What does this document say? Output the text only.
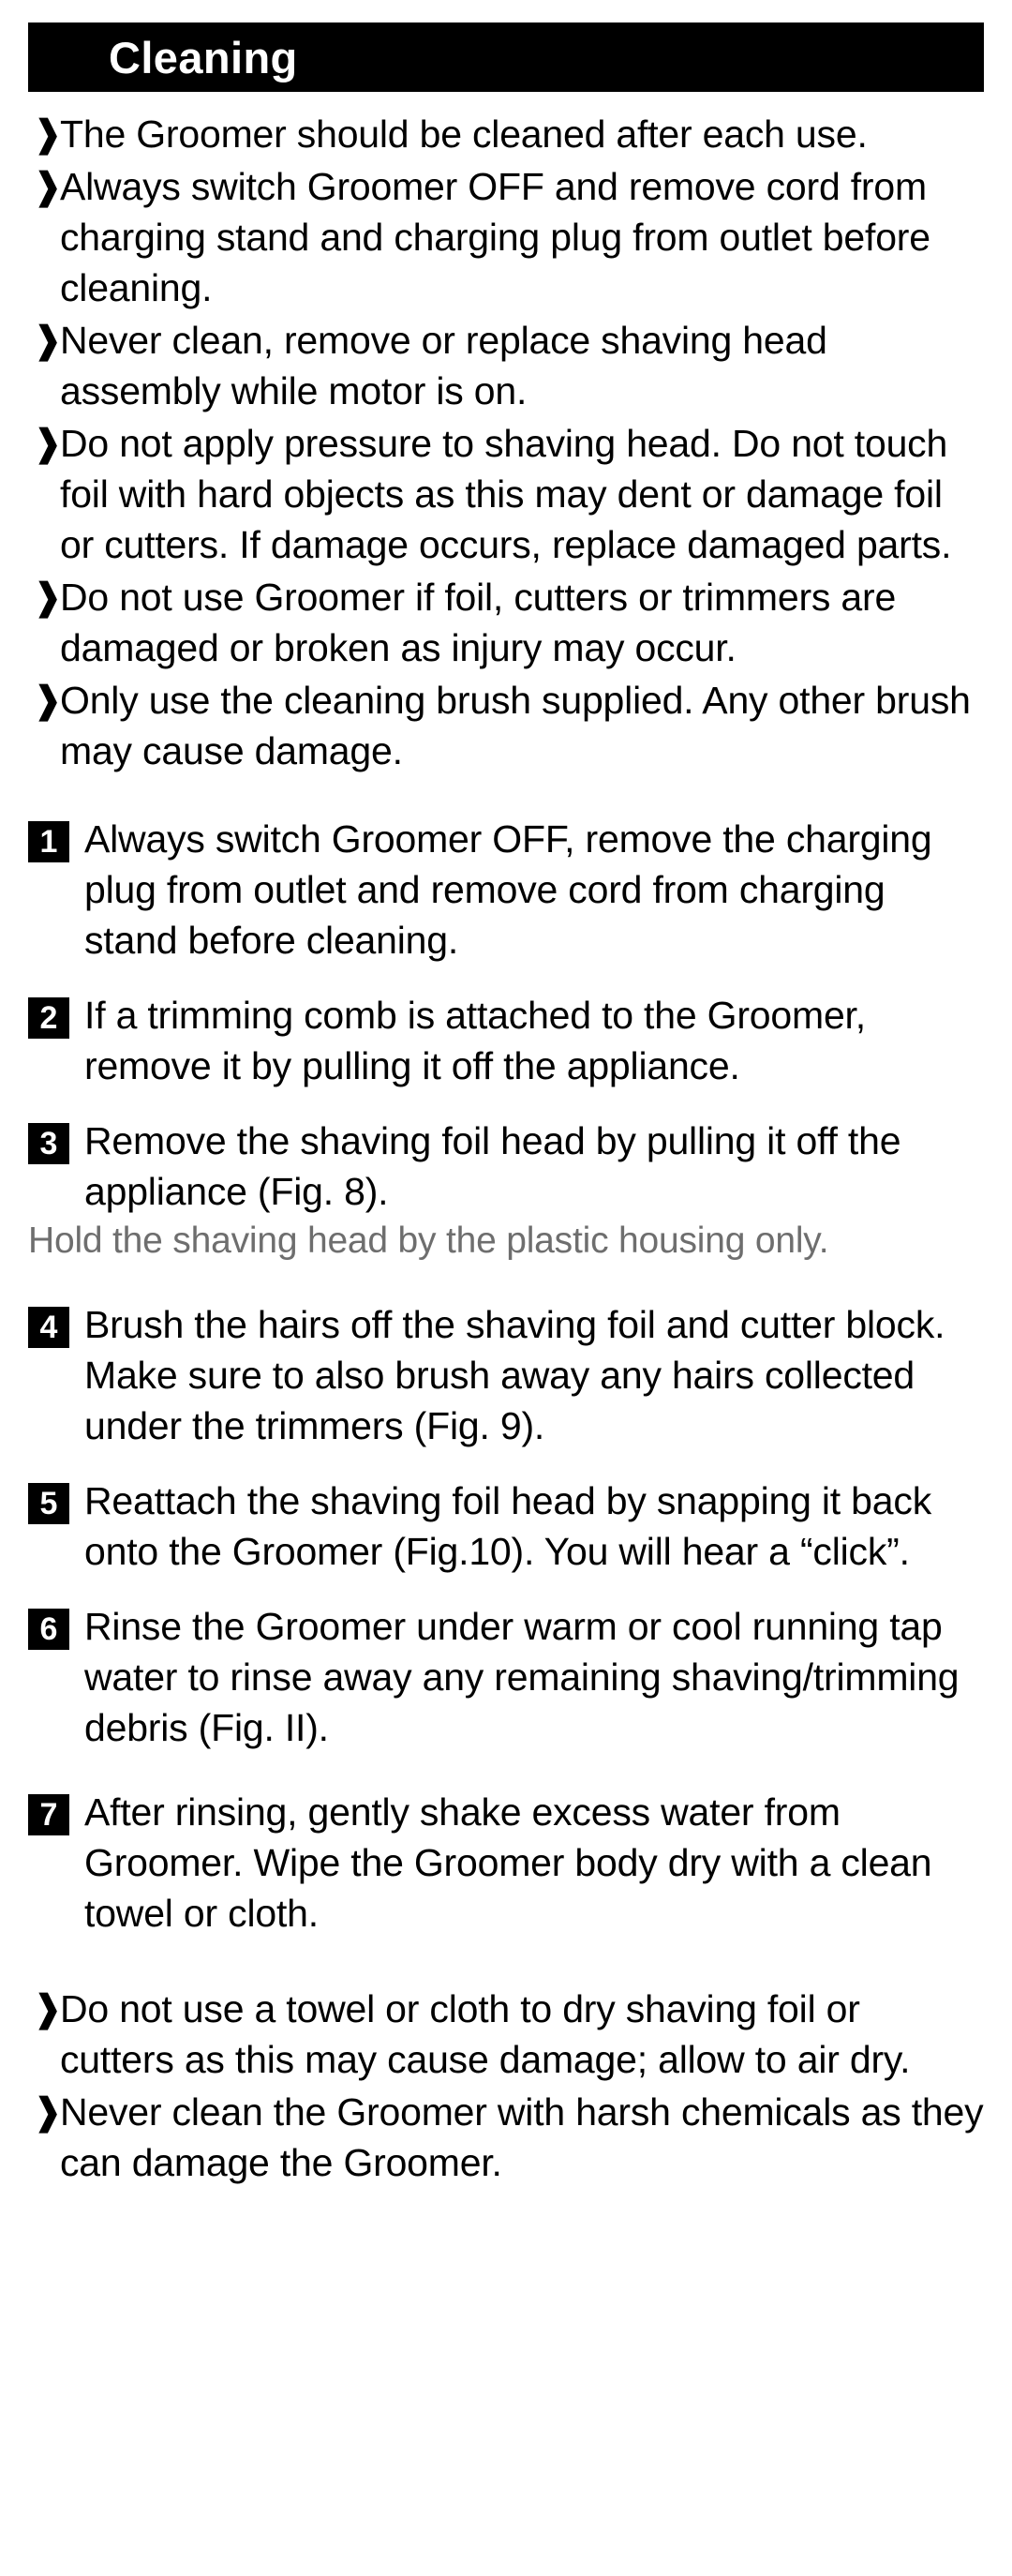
Cleaning
❱
The Groomer should be cleaned after each use.
❱
Always switch Groomer OFF and remove cord from charging stand and charging plug from outlet before cleaning.
❱
Never clean, remove or replace shaving head assembly while motor is on.
❱
Do not apply pressure to shaving head. Do not touch foil with hard objects as this may dent or damage foil or cutters. If damage occurs, replace damaged parts.
❱
Do not use Groomer if foil, cutters or trimmers are damaged or broken as injury may occur.
❱
Only use the cleaning brush supplied. Any other brush may cause damage.
1 Always switch Groomer OFF, remove the charging plug from outlet and remove cord from charging stand before cleaning.
2 If a trimming comb is attached to the Groomer, remove it by pulling it off the appliance.
3 Remove the shaving foil head by pulling it off the appliance (Fig. 8).
Hold the shaving head by the plastic housing only.
4 Brush the hairs off the shaving foil and cutter block. Make sure to also brush away any hairs collected under the trimmers (Fig. 9).
5 Reattach the shaving foil head by snapping it back onto the Groomer (Fig.10). You will hear a “click”.
6 Rinse the Groomer under warm or cool running tap water to rinse away any remaining shaving/trimming debris (Fig. II).
7 After rinsing, gently shake excess water from Groomer. Wipe the Groomer body dry with a clean towel or cloth.
❱
Do not use a towel or cloth to dry shaving foil or cutters as this may cause damage; allow to air dry.
❱
Never clean the Groomer with harsh chemicals as they can damage the Groomer.
